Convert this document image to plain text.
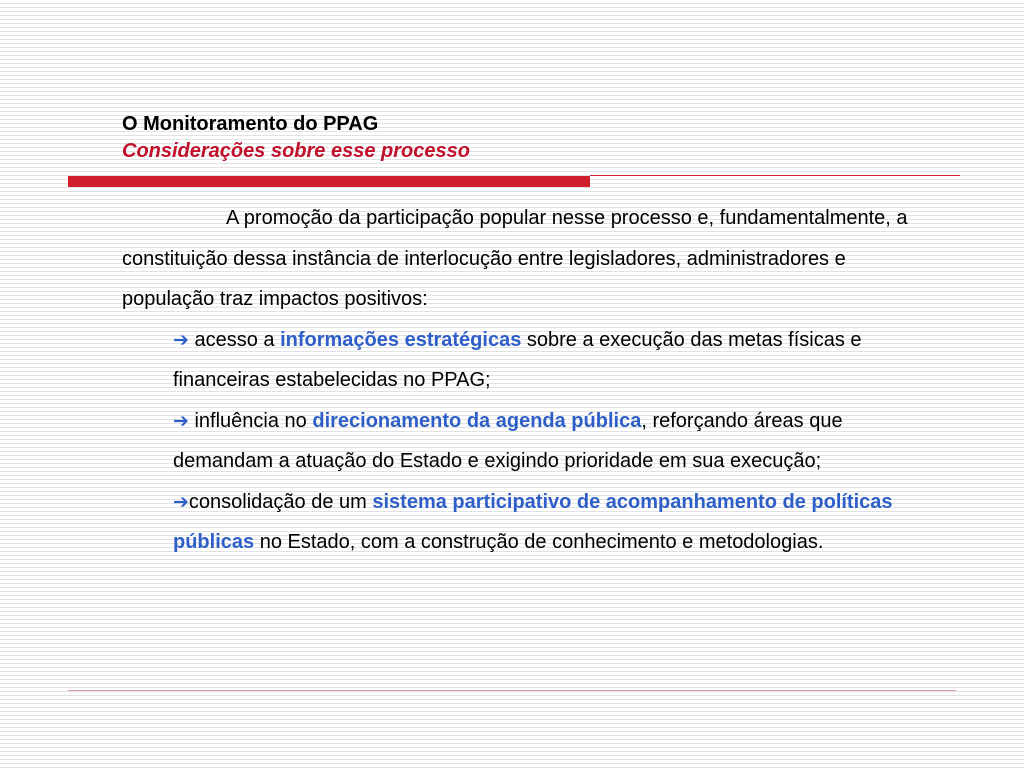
O Monitoramento do PPAG
Considerações sobre esse processo
A promoção da participação popular nesse processo e, fundamentalmente, a constituição dessa instância de interlocução entre legisladores, administradores e população traz impactos positivos:
➔ acesso a informações estratégicas sobre a execução das metas físicas e financeiras estabelecidas no PPAG;
➔ influência no direcionamento da agenda pública, reforçando áreas que demandam a atuação do Estado e exigindo prioridade em sua execução;
➔consolidação de um sistema participativo de acompanhamento de políticas públicas no Estado, com a construção de conhecimento e metodologias.
